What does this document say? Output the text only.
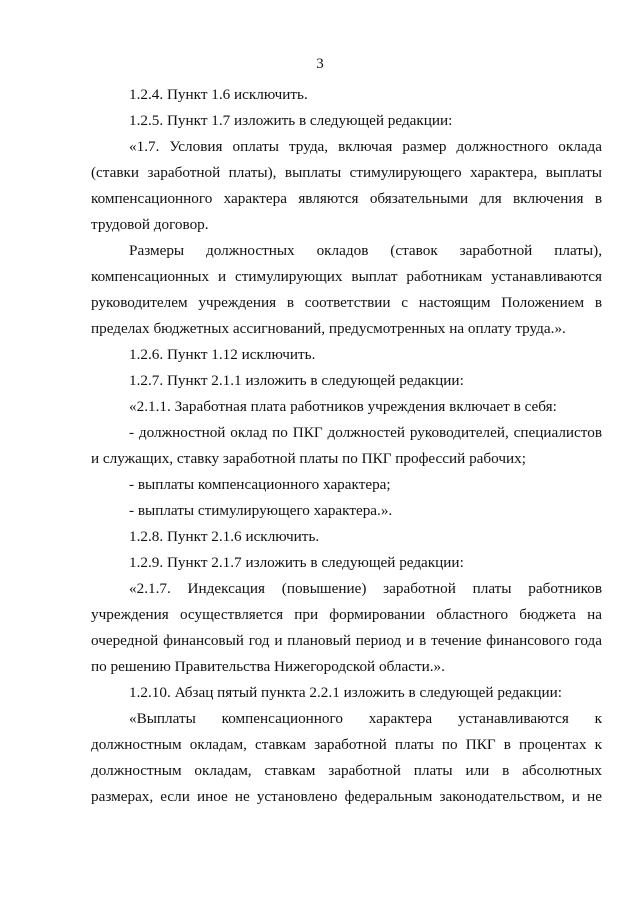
3

1.2.4. Пункт 1.6 исключить.

1.2.5. Пункт 1.7 изложить в следующей редакции:

«1.7. Условия оплаты труда, включая размер должностного оклада (ставки заработной платы), выплаты стимулирующего характера, выплаты компенсационного характера являются обязательными для включения в трудовой договор.

Размеры должностных окладов (ставок заработной платы), компенсационных и стимулирующих выплат работникам устанавливаются руководителем учреждения в соответствии с настоящим Положением в пределах бюджетных ассигнований, предусмотренных на оплату труда.».

1.2.6. Пункт 1.12 исключить.

1.2.7. Пункт 2.1.1 изложить в следующей редакции:

«2.1.1. Заработная плата работников учреждения включает в себя:

- должностной оклад по ПКГ должностей руководителей, специалистов и служащих, ставку заработной платы по ПКГ профессий рабочих;

- выплаты компенсационного характера;

- выплаты стимулирующего характера.».

1.2.8. Пункт 2.1.6 исключить.

1.2.9. Пункт 2.1.7 изложить в следующей редакции:

«2.1.7. Индексация (повышение) заработной платы работников учреждения осуществляется при формировании областного бюджета на очередной финансовый год и плановый период и в течение финансового года по решению Правительства Нижегородской области.».

1.2.10. Абзац пятый пункта 2.2.1 изложить в следующей редакции:

«Выплаты компенсационного характера устанавливаются к должностным окладам, ставкам заработной платы по ПКГ в процентах к должностным окладам, ставкам заработной платы или в абсолютных размерах, если иное не установлено федеральным законодательством, и не
